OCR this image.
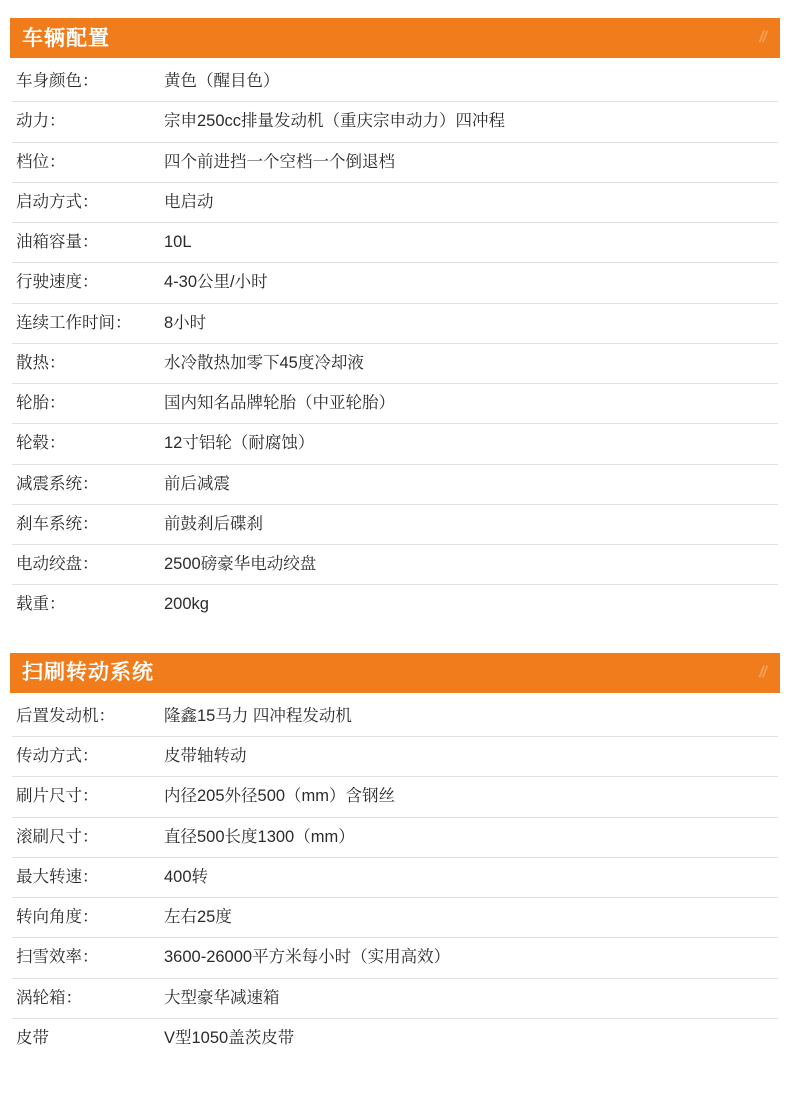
车辆配置	//
车身颜色：	黄色（醒目色）
动力：	宗申250cc排量发动机（重庆宗申动力）四冲程
档位：	四个前进挡一个空档一个倒退档
启动方式：	电启动
油箱容量：	10L
行驶速度：	4-30公里/小时
连续工作时间：	8小时
散热：	水冷散热加零下45度冷却液
轮胎：	国内知名品牌轮胎（中亚轮胎）
轮毂：	12寸铝轮（耐腐蚀）
减震系统：	前后减震
刹车系统：	前鼓刹后碟刹
电动绞盘：	2500磅豪华电动绞盘
载重：	200kg
扫刷转动系统	//
后置发动机：	隆鑫15马力 四冲程发动机
传动方式：	皮带轴转动
刷片尺寸：	内径205外径500（mm）含钢丝
滚刷尺寸：	直径500长度1300（mm）
最大转速：	400转
转向角度：	左右25度
扫雪效率：	3600-26000平方米每小时（实用高效）
涡轮箱：	大型豪华减速箱
皮带	V型1050盖茨皮带
